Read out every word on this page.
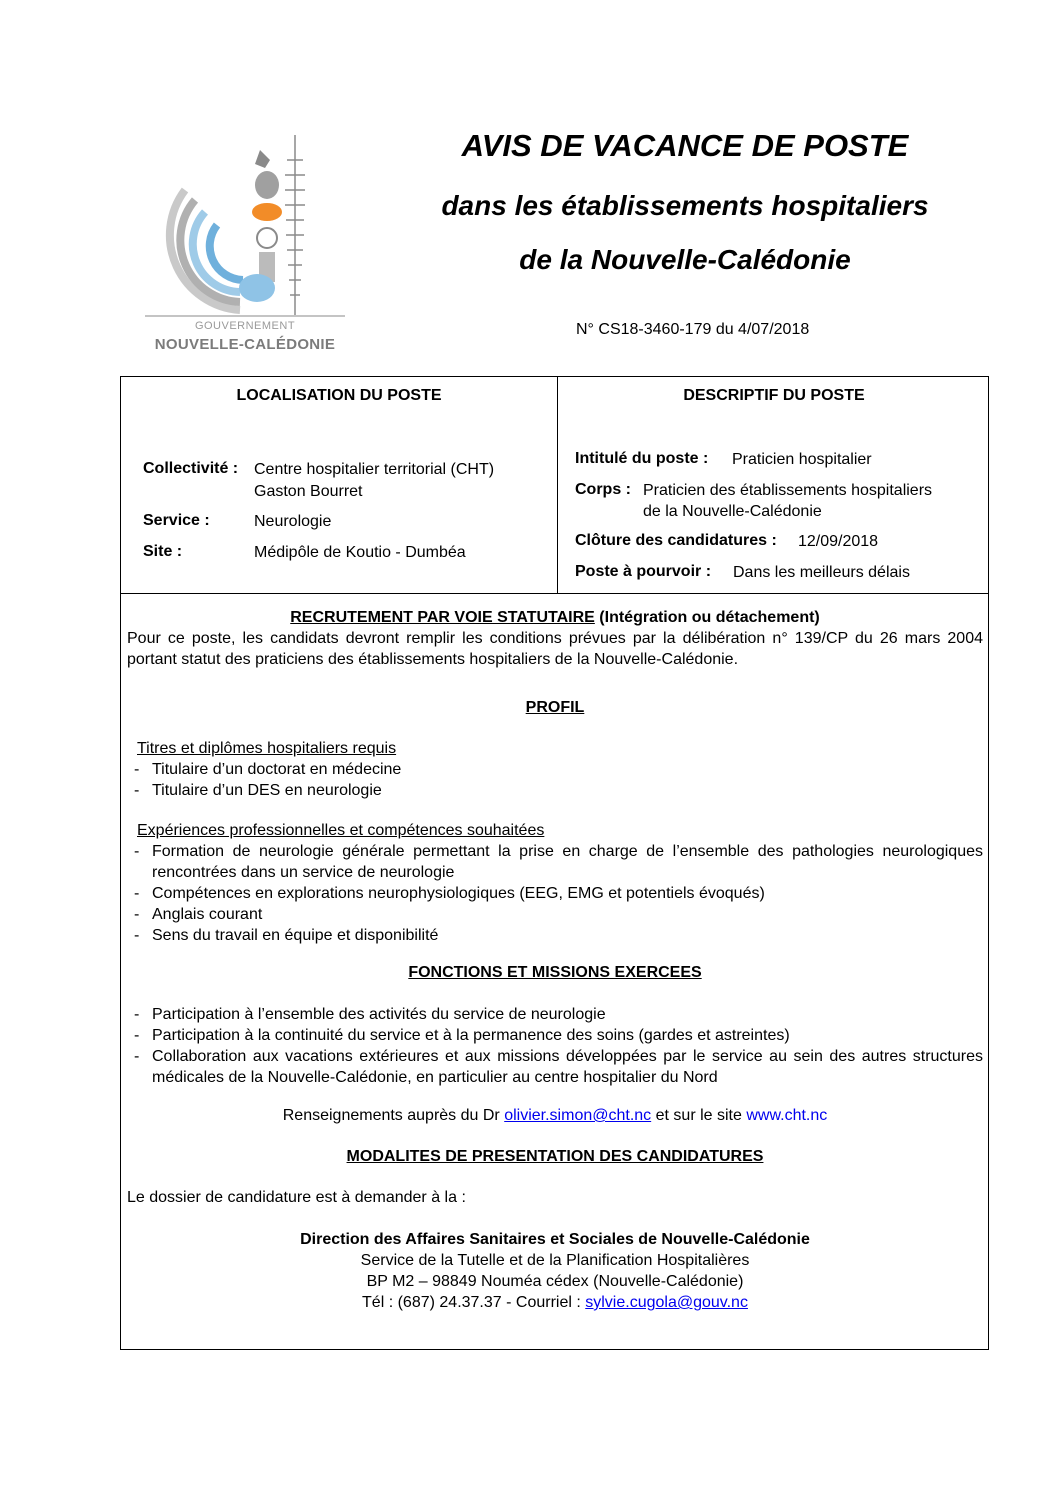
GOUVERNEMENT
NOUVELLE-CALÉDONIE
AVIS DE VACANCE DE POSTE
dans les établissements hospitaliers
de la Nouvelle-Calédonie
N° CS18-3460-179 du 4/07/2018
LOCALISATION DU POSTE
Collectivité : Centre hospitalier territorial (CHT)
Gaston Bourret
Service :	Neurologie
Site :	Médipôle de Koutio - Dumbéa
DESCRIPTIF DU POSTE
Intitulé du poste : Praticien hospitalier
Corps : Praticien des établissements hospitaliers
de la Nouvelle-Calédonie
Clôture des candidatures : 12/09/2018
Poste à pourvoir : Dans les meilleurs délais
RECRUTEMENT PAR VOIE STATUTAIRE (Intégration ou détachement)
Pour ce poste, les candidats devront remplir les conditions prévues par la délibération n° 139/CP du 26 mars 2004 portant statut des praticiens des établissements hospitaliers de la Nouvelle-Calédonie.
PROFIL
Titres et diplômes hospitaliers requis
- Titulaire d’un doctorat en médecine
- Titulaire d’un DES en neurologie
Expériences professionnelles et compétences souhaitées
- Formation de neurologie générale permettant la prise en charge de l’ensemble des pathologies neurologiques rencontrées dans un service de neurologie
- Compétences en explorations neurophysiologiques (EEG, EMG et potentiels évoqués)
- Anglais courant
- Sens du travail en équipe et disponibilité
FONCTIONS ET MISSIONS EXERCEES
- Participation à l’ensemble des activités du service de neurologie
- Participation à la continuité du service et à la permanence des soins (gardes et astreintes)
- Collaboration aux vacations extérieures et aux missions développées par le service au sein des autres structures médicales de la Nouvelle-Calédonie, en particulier au centre hospitalier du Nord
Renseignements auprès du Dr olivier.simon@cht.nc et sur le site www.cht.nc
MODALITES DE PRESENTATION DES CANDIDATURES
Le dossier de candidature est à demander à la :
Direction des Affaires Sanitaires et Sociales de Nouvelle-Calédonie
Service de la Tutelle et de la Planification Hospitalières
BP M2 – 98849 Nouméa cédex (Nouvelle-Calédonie)
Tél : (687) 24.37.37 - Courriel : sylvie.cugola@gouv.nc
